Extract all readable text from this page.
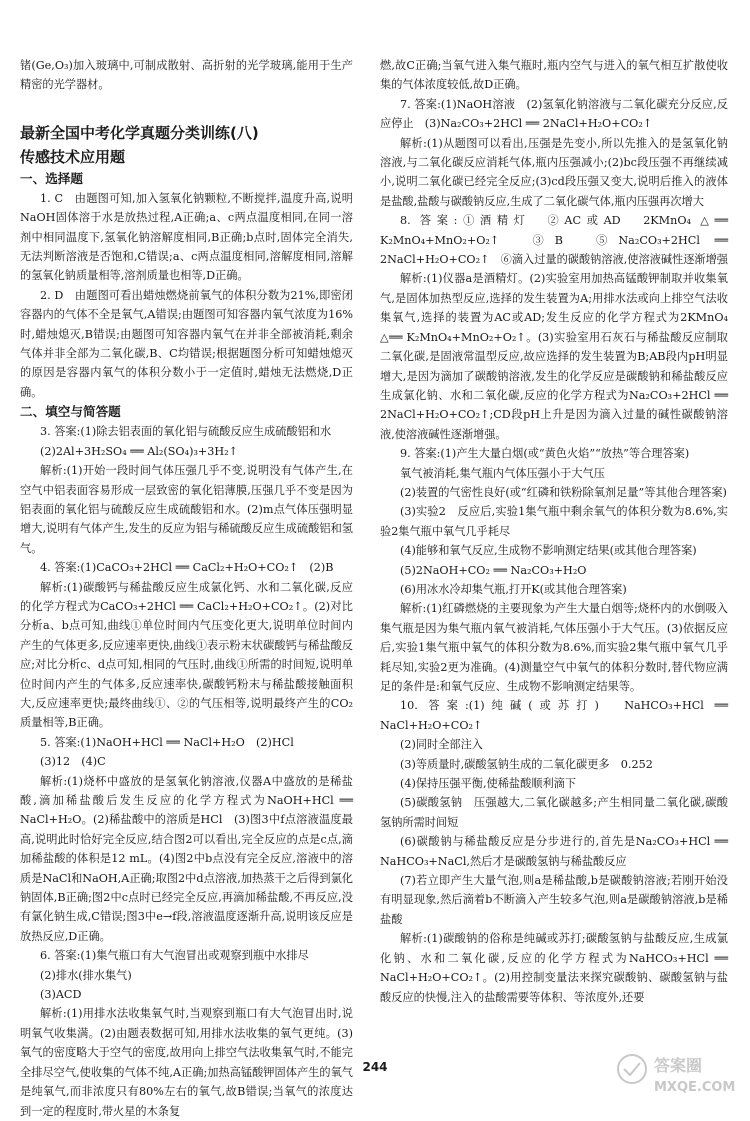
锗(Ge,O₃)加入玻璃中,可制成散射、高折射的光学玻璃,能用于生产精密的光学器材。

最新全国中考化学真题分类训练(八)

传感技术应用题

一、选择题

1. C　由题图可知,加入氢氧化钠颗粒,不断搅拌,温度升高,说明NaOH固体溶于水是放热过程,A正确;a、c两点温度相同,在同一溶剂中相同温度下,氢氧化钠溶解度相同,B正确;b点时,固体完全消失,无法判断溶液是否饱和,C错误;a、c两点温度相同,溶解度相同,溶解的氢氧化钠质量相等,溶剂质量也相等,D正确。

2. D　由题图可看出蜡烛燃烧前氧气的体积分数为21%,即密闭容器内的气体不全是氧气,A错误;由题图可知容器内氧气浓度为16%时,蜡烛熄灭,B错误;由题图可知容器内氧气在并非全部被消耗,剩余气体并非全部为二氧化碳,B、C均错误;根据题图分析可知蜡烛熄灭的原因是容器内氧气的体积分数小于一定值时,蜡烛无法燃烧,D正确。

二、填空与简答题

3. 答案:(1)除去铝表面的氧化铝与硫酸反应生成硫酸铝和水

(2)2Al+3H₂SO₄ ══ Al₂(SO₄)₃+3H₂↑

解析:(1)开始一段时间气体压强几乎不变,说明没有气体产生,在空气中铝表面容易形成一层致密的氧化铝薄膜,压强几乎不变是因为铝表面的氧化铝与硫酸反应生成硫酸铝和水。(2)m点气体压强明显增大,说明有气体产生,发生的反应为铝与稀硫酸反应生成硫酸铝和氢气。

4. 答案:(1)CaCO₃+2HCl ══ CaCl₂+H₂O+CO₂↑　(2)B

解析:(1)碳酸钙与稀盐酸反应生成氯化钙、水和二氧化碳,反应的化学方程式为CaCO₃+2HCl ══ CaCl₂+H₂O+CO₂↑。(2)对比分析a、b点可知,曲线①单位时间内气压变化更大,说明单位时间内产生的气体更多,反应速率更快,曲线①表示粉末状碳酸钙与稀盐酸反应;对比分析c、d点可知,相同的气压时,曲线①所需的时间短,说明单位时间内产生的气体多,反应速率快,碳酸钙粉末与稀盐酸接触面积大,反应速率更快;最终曲线①、②的气压相等,说明最终产生的CO₂质量相等,B正确。

5. 答案:(1)NaOH+HCl ══ NaCl+H₂O　(2)HCl

(3)12　(4)C

解析:(1)烧杯中盛放的是氢氧化钠溶液,仪器A中盛放的是稀盐酸,滴加稀盐酸后发生反应的化学方程式为NaOH+HCl ══ NaCl+H₂O。(2)稀盐酸中的溶质是HCl　(3)图3中f点溶液温度最高,说明此时恰好完全反应,结合图2可以看出,完全反应的点是c点,滴加稀盐酸的体积是12 mL。(4)图2中b点没有完全反应,溶液中的溶质是NaCl和NaOH,A正确;取图2中d点溶液,加热蒸干之后得到氯化钠固体,B正确;图2中c点时已经完全反应,再滴加稀盐酸,不再反应,没有氯化钠生成,C错误;图3中e→f段,溶液温度逐渐升高,说明该反应是放热反应,D正确。

6. 答案:(1)集气瓶口有大气泡冒出或观察到瓶中水排尽

(2)排水(排水集气)

(3)ACD

解析:(1)用排水法收集氧气时,当观察到瓶口有大气泡冒出时,说明氧气收集满。(2)由题表数据可知,用排水法收集的氧气更纯。(3)氧气的密度略大于空气的密度,故用向上排空气法收集氧气时,不能完全排尽空气,使收集的气体不纯,A正确;加热高锰酸钾固体产生的氧气是纯氧气,而非浓度只有80%左右的氧气,故B错误;当氧气的浓度达到一定的程度时,带火星的木条复

燃,故C正确;当氧气进入集气瓶时,瓶内空气与进入的氧气相互扩散使收集的气体浓度较低,故D正确。

7. 答案:(1)NaOH溶液　(2)氢氧化钠溶液与二氧化碳充分反应,反应停止　(3)Na₂CO₃+2HCl ══ 2NaCl+H₂O+CO₂↑

解析:(1)从题图可以看出,压强是先变小,所以先推入的是氢氧化钠溶液,与二氧化碳反应消耗气体,瓶内压强减小;(2)bc段压强不再继续减小,说明二氧化碳已经完全反应;(3)cd段压强又变大,说明后推入的液体是盐酸,盐酸与碳酸钠反应,生成了二氧化碳气体,瓶内压强再次增大

8. 答案:①酒精灯　②AC或AD　2KMnO₄ △══ K₂MnO₄+MnO₂+O₂↑　③B　⑤Na₂CO₃+2HCl ══ 2NaCl+H₂O+CO₂↑　⑥滴入过量的碳酸钠溶液,使溶液碱性逐渐增强

解析:(1)仪器a是酒精灯。(2)实验室用加热高锰酸钾制取并收集氧气,是固体加热型反应,选择的发生装置为A;用排水法或向上排空气法收集氧气,选择的装置为AC或AD;发生反应的化学方程式为2KMnO₄ △══ K₂MnO₄+MnO₂+O₂↑。(3)实验室用石灰石与稀盐酸反应制取二氧化碳,是固液常温型反应,故应选择的发生装置为B;AB段内pH明显增大,是因为滴加了碳酸钠溶液,发生的化学反应是碳酸钠和稀盐酸反应生成氯化钠、水和二氧化碳,反应的化学方程式为Na₂CO₃+2HCl ══ 2NaCl+H₂O+CO₂↑;CD段pH上升是因为滴入过量的碱性碳酸钠溶液,使溶液碱性逐渐增强。

9. 答案:(1)产生大量白烟(或“黄色火焰”“放热”等合理答案)

氧气被消耗,集气瓶内气体压强小于大气压

(2)装置的气密性良好(或“红磷和铁粉除氧剂足量”等其他合理答案)

(3)实验2　反应后,实验1集气瓶中剩余氧气的体积分数为8.6%,实验2集气瓶中氧气几乎耗尽

(4)能够和氧气反应,生成物不影响测定结果(或其他合理答案)

(5)2NaOH+CO₂ ══ Na₂CO₃+H₂O

(6)用冰水冷却集气瓶,打开K(或其他合理答案)

解析:(1)红磷燃烧的主要现象为产生大量白烟等;烧杯内的水倒吸入集气瓶是因为集气瓶内氧气被消耗,气体压强小于大气压。(3)依据反应后,实验1集气瓶中氧气的体积分数为8.6%,而实验2集气瓶中氧气几乎耗尽知,实验2更为准确。(4)测量空气中氧气的体积分数时,替代物应满足的条件是:和氧气反应、生成物不影响测定结果等。

10. 答案:(1)纯碱(或苏打)　NaHCO₃+HCl ══ NaCl+H₂O+CO₂↑

(2)同时全部注入

(3)等质量时,碳酸氢钠生成的二氧化碳更多　0.252

(4)保持压强平衡,使稀盐酸顺利滴下

(5)碳酸氢钠　压强越大,二氧化碳越多;产生相同量二氧化碳,碳酸氢钠所需时间短

(6)碳酸钠与稀盐酸反应是分步进行的,首先是Na₂CO₃+HCl ══ NaHCO₃+NaCl,然后才是碳酸氢钠与稀盐酸反应

(7)若立即产生大量气泡,则a是稀盐酸,b是碳酸钠溶液;若刚开始没有明显现象,然后滴着b不断滴入产生较多气泡,则a是碳酸钠溶液,b是稀盐酸

解析:(1)碳酸钠的俗称是纯碱或苏打;碳酸氢钠与盐酸反应,生成氯化钠、水和二氧化碳,反应的化学方程式为NaHCO₃+HCl ══ NaCl+H₂O+CO₂↑。(2)用控制变量法来探究碳酸钠、碳酸氢钠与盐酸反应的快慢,注入的盐酸需要等体积、等浓度外,还要

244	答案圈
MXQE.COM
